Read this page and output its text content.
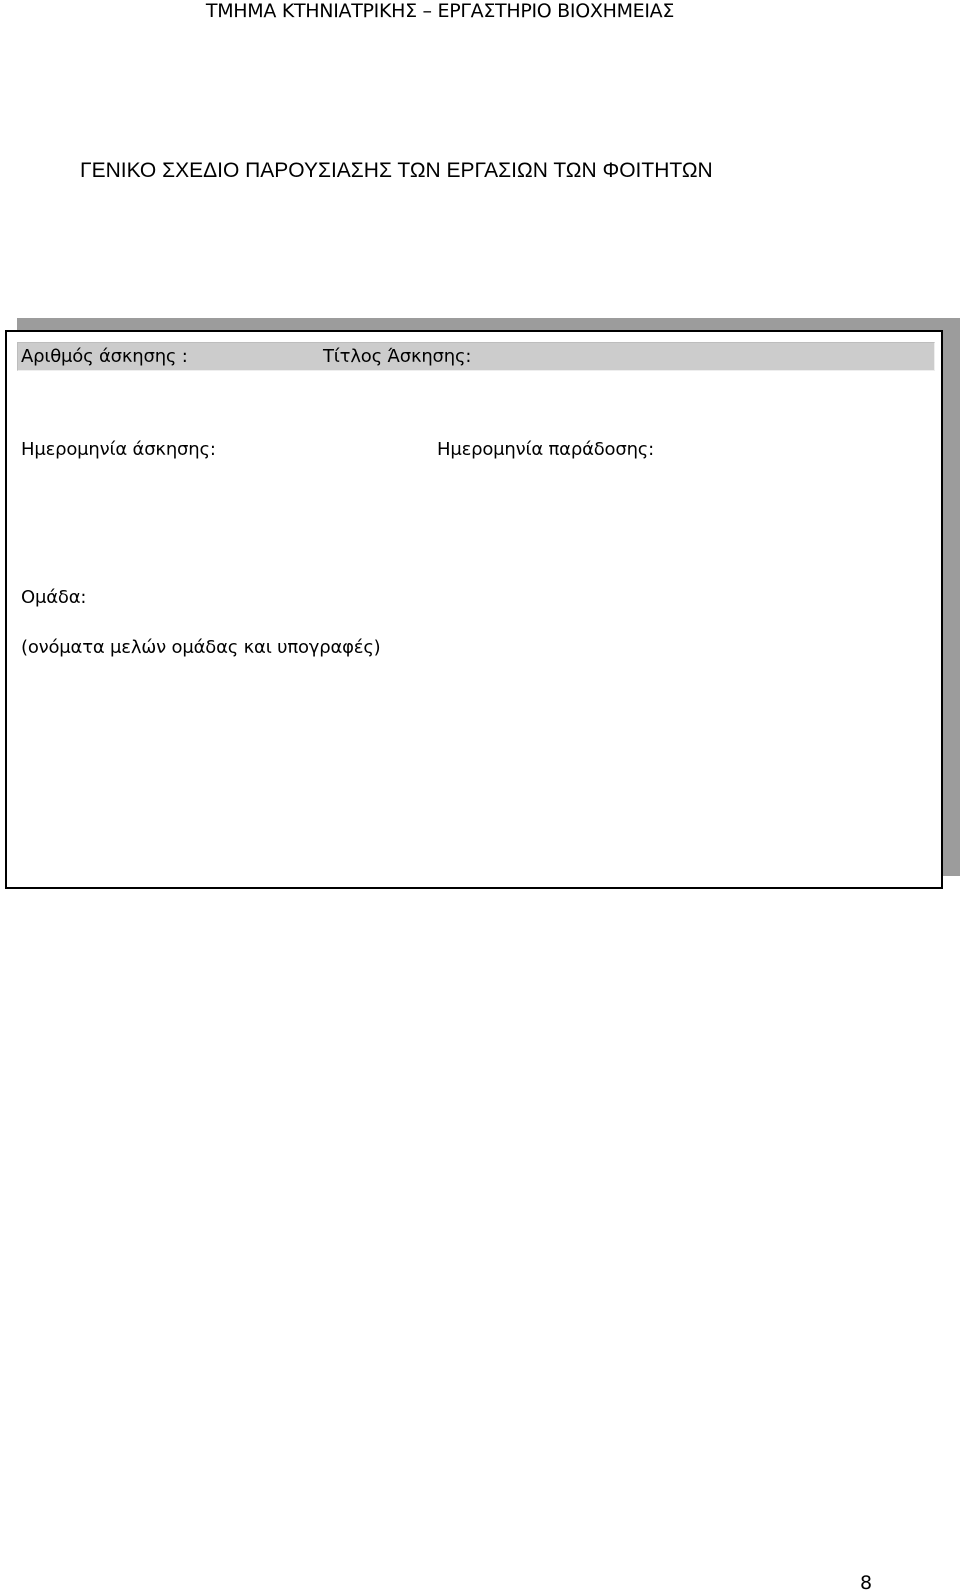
ΤΜΗΜΑ ΚΤΗΝΙΑΤΡΙΚΗΣ – ΕΡΓΑΣΤΗΡΙΟ ΒΙΟΧΗΜΕΙΑΣ
ΓΕΝΙΚΟ ΣΧΕΔΙΟ ΠΑΡΟΥΣΙΑΣΗΣ ΤΩΝ ΕΡΓΑΣΙΩΝ ΤΩΝ ΦΟΙΤΗΤΩΝ
Αριθμός άσκησης :	Τίτλος Άσκησης:
Ημερομηνία άσκησης:	Ημερομηνία παράδοσης:
Ομάδα:
(ονόματα μελών ομάδας και υπογραφές)
8
